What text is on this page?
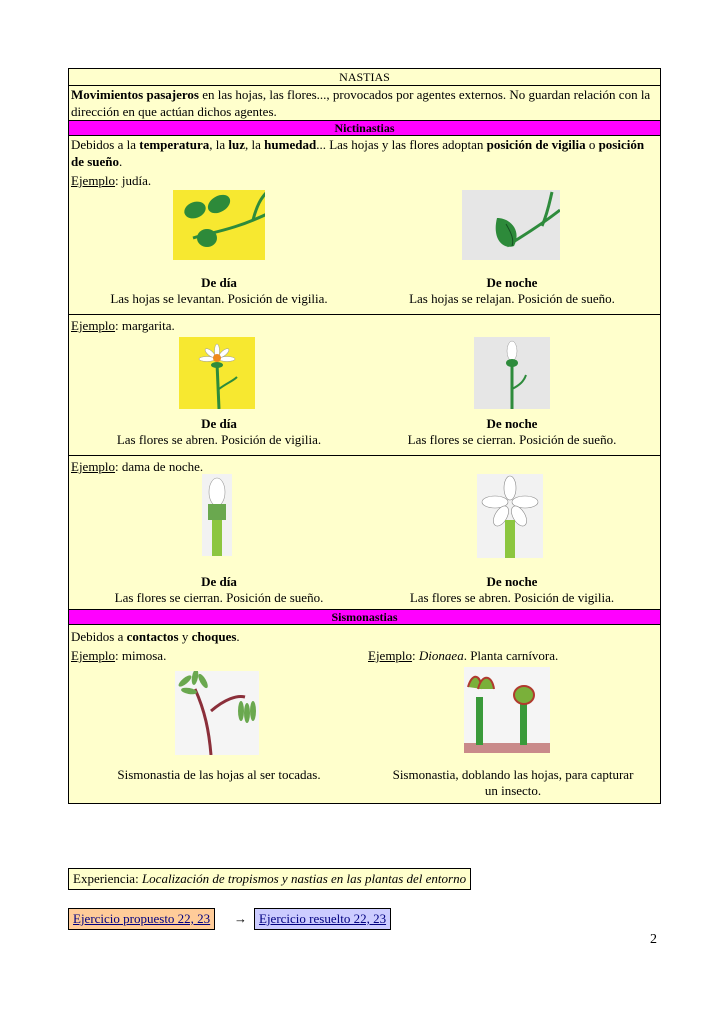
NASTIAS
Movimientos pasajeros en las hojas, las flores..., provocados por agentes externos. No guardan relación con la dirección en que actúan dichos agentes.
Nictinastias
Debidos a la temperatura, la luz, la humedad... Las hojas y las flores adoptan posición de vigilia o posición de sueño.
Ejemplo: judía.
De día
Las hojas se levantan. Posición de vigilia.
De noche
Las hojas se relajan. Posición de sueño.
Ejemplo: margarita.
De día
Las flores se abren. Posición de vigilia.
De noche
Las flores se cierran. Posición de sueño.
Ejemplo: dama de noche.
De día
Las flores se cierran. Posición de sueño.
De noche
Las flores se abren. Posición de vigilia.
Sismonastias
Debidos a contactos y choques.
Ejemplo: mimosa.	Ejemplo: Dionaea. Planta carnívora.
Sismonastia de las hojas al ser tocadas.	Sismonastia, doblando las hojas, para capturar
un insecto.
Experiencia: Localización de tropismos y nastias en las plantas del entorno
Ejercicio propuesto 22, 23	→ Ejercicio resuelto 22, 23
2
